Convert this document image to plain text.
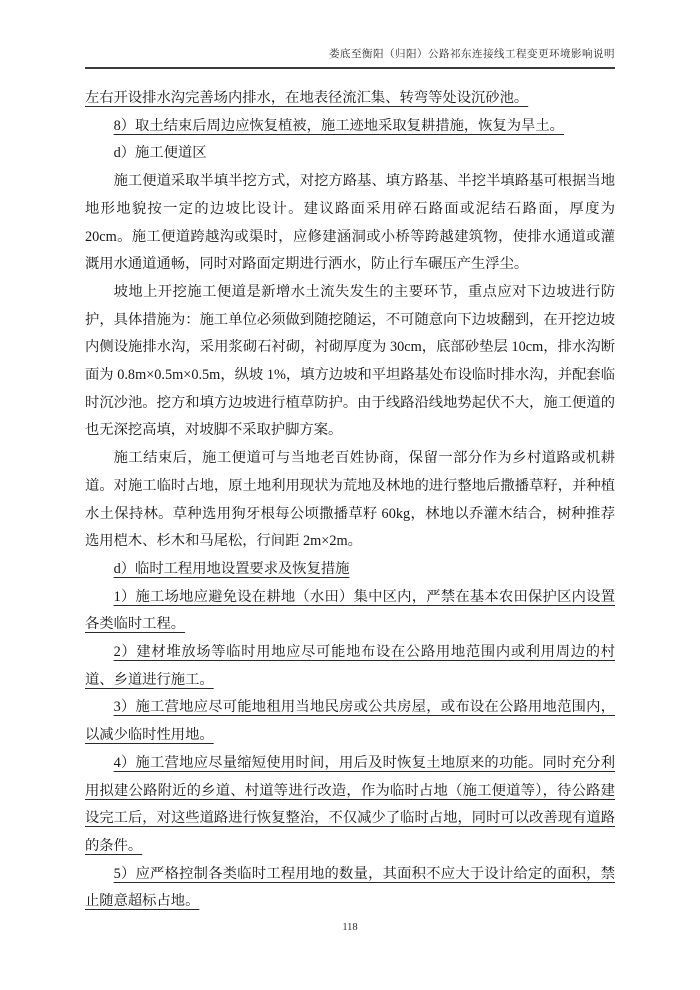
娄底至衡阳（归阳）公路祁东连接线工程变更环境影响说明

左右开设排水沟完善场内排水，在地表径流汇集、转弯等处设沉砂池。

8）取土结束后周边应恢复植被，施工迹地采取复耕措施，恢复为旱土。

d）施工便道区

施工便道采取半填半挖方式，对挖方路基、填方路基、半挖半填路基可根据当地地形地貌按一定的边坡比设计。建议路面采用碎石路面或泥结石路面，厚度为 20cm。施工便道跨越沟或渠时，应修建涵洞或小桥等跨越建筑物，使排水通道或灌溉用水通道通畅，同时对路面定期进行洒水，防止行车碾压产生浮尘。

坡地上开挖施工便道是新增水土流失发生的主要环节，重点应对下边坡进行防护，具体措施为：施工单位必须做到随挖随运，不可随意向下边坡翻到，在开挖边坡内侧设施排水沟，采用浆砌石衬砌，衬砌厚度为 30cm，底部砂垫层 10cm，排水沟断面为 0.8m×0.5m×0.5m，纵坡 1%，填方边坡和平坦路基处布设临时排水沟，并配套临时沉沙池。挖方和填方边坡进行植草防护。由于线路沿线地势起伏不大，施工便道的也无深挖高填，对坡脚不采取护脚方案。

施工结束后，施工便道可与当地老百姓协商，保留一部分作为乡村道路或机耕道。对施工临时占地，原土地利用现状为荒地及林地的进行整地后撒播草籽，并种植水土保持林。草种选用狗牙根每公顷撒播草籽 60kg，林地以乔灌木结合，树种推荐选用桤木、杉木和马尾松，行间距 2m×2m。

d）临时工程用地设置要求及恢复措施

1）施工场地应避免设在耕地（水田）集中区内，严禁在基本农田保护区内设置各类临时工程。

2）建材堆放场等临时用地应尽可能地布设在公路用地范围内或利用周边的村道、乡道进行施工。

3）施工营地应尽可能地租用当地民房或公共房屋，或布设在公路用地范围内，以减少临时性用地。

4）施工营地应尽量缩短使用时间，用后及时恢复土地原来的功能。同时充分利用拟建公路附近的乡道、村道等进行改造，作为临时占地（施工便道等），待公路建设完工后，对这些道路进行恢复整治，不仅减少了临时占地，同时可以改善现有道路的条件。

5）应严格控制各类临时工程用地的数量，其面积不应大于设计给定的面积，禁止随意超标占地。

118
